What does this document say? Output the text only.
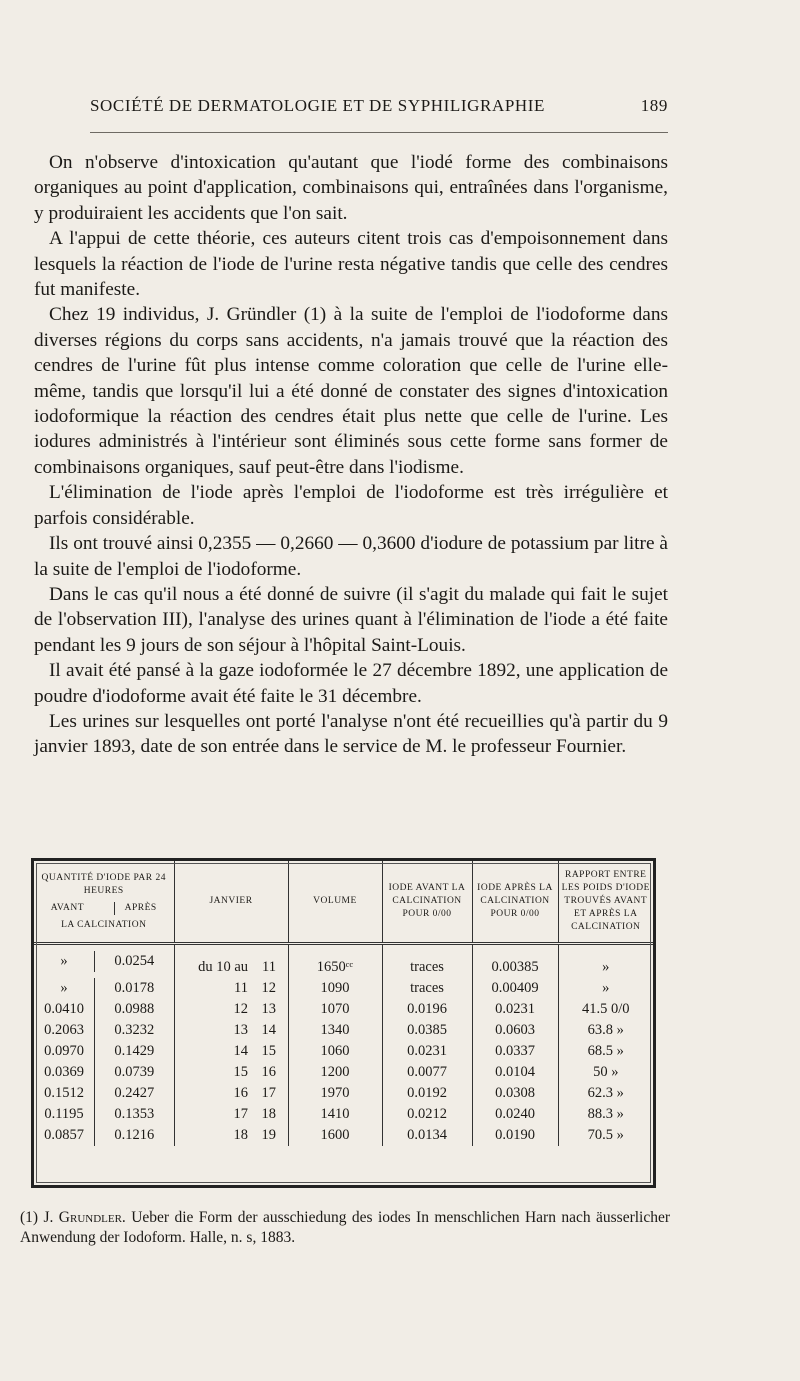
SOCIÉTÉ DE DERMATOLOGIE ET DE SYPHILIGRAPHIE	189

On n'observe d'intoxication qu'autant que l'iodé forme des combinaisons organiques au point d'application, combinaisons qui, entraînées dans l'organisme, y produiraient les accidents que l'on sait.

A l'appui de cette théorie, ces auteurs citent trois cas d'empoisonnement dans lesquels la réaction de l'iode de l'urine resta négative tandis que celle des cendres fut manifeste.

Chez 19 individus, J. Gründler (1) à la suite de l'emploi de l'iodoforme dans diverses régions du corps sans accidents, n'a jamais trouvé que la réaction des cendres de l'urine fût plus intense comme coloration que celle de l'urine elle-même, tandis que lorsqu'il lui a été donné de constater des signes d'intoxication iodoformique la réaction des cendres était plus nette que celle de l'urine. Les iodures administrés à l'intérieur sont éliminés sous cette forme sans former de combinaisons organiques, sauf peut-être dans l'iodisme.

L'élimination de l'iode après l'emploi de l'iodoforme est très irrégulière et parfois considérable.

Ils ont trouvé ainsi 0,2355 — 0,2660 — 0,3600 d'iodure de potassium par litre à la suite de l'emploi de l'iodoforme.

Dans le cas qu'il nous a été donné de suivre (il s'agit du malade qui fait le sujet de l'observation III), l'analyse des urines quant à l'élimination de l'iode a été faite pendant les 9 jours de son séjour à l'hôpital Saint-Louis.

Il avait été pansé à la gaze iodoformée le 27 décembre 1892, une application de poudre d'iodoforme avait été faite le 31 décembre.

Les urines sur lesquelles ont porté l'analyse n'ont été recueillies qu'à partir du 9 janvier 1893, date de son entrée dans le service de M. le professeur Fournier.

QUANTITÉ D'IODE PAR 24 HEURES
AVANT APRÈS
LA CALCINATION	JANVIER	VOLUME	IODE AVANT LA CALCINATION POUR 0/00	IODE APRÈS LA CALCINATION POUR 0/00	RAPPORT ENTRE LES POIDS D'IODE TROUVÉS AVANT ET APRÈS LA CALCINATION

» 0.0254	du 10 au 11	1650ᶜᶜ	traces	0.00385	»

» 0.0178	11 12	1090	traces	0.00409	»

0.0410 0.0988	12 13	1070	0.0196	0.0231	41.5 0/0

0.2063 0.3232	13 14	1340	0.0385	0.0603	63.8 »

0.0970 0.1429	14 15	1060	0.0231	0.0337	68.5 »

0.0369 0.0739	15 16	1200	0.0077	0.0104	50 »

0.1512 0.2427	16 17	1970	0.0192	0.0308	62.3 »

0.1195 0.1353	17 18	1410	0.0212	0.0240	88.3 »

0.0857 0.1216	18 19	1600	0.0134	0.0190	70.5 »
(1) J. Grundler. Ueber die Form der ausschiedung des iodes In menschlichen Harn nach äusserlicher Anwendung der Iodoform. Halle, n. s, 1883.
